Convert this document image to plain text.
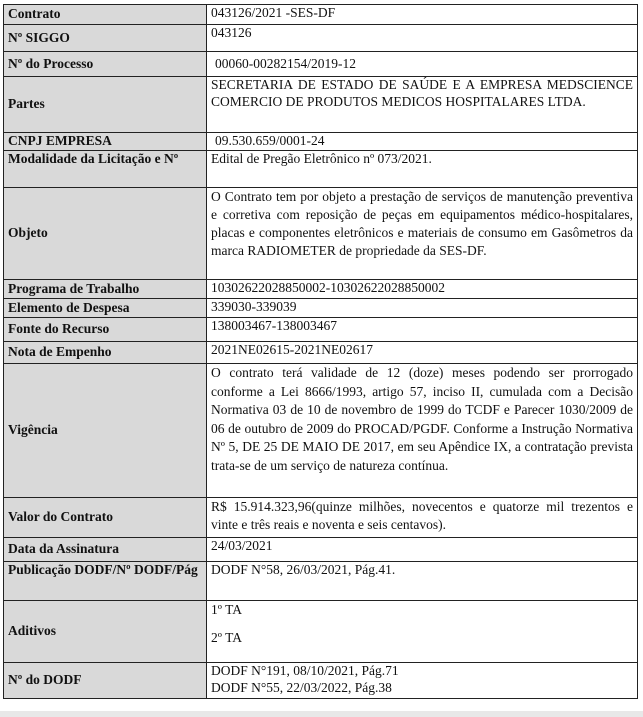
Contrato	043126/2021 -SES-DF
Nº SIGGO	043126
Nº do Processo	00060-00282154/2019-12
Partes	SECRETARIA DE ESTADO DE SAÚDE E A EMPRESA MEDSCIENCE COMERCIO DE PRODUTOS MEDICOS HOSPITALARES LTDA.
CNPJ EMPRESA	09.530.659/0001-24
Modalidade da Licitação e Nº	Edital de Pregão Eletrônico nº 073/2021.
Objeto	O Contrato tem por objeto a prestação de serviços de manutenção preventiva e corretiva com reposição de peças em equipamentos médico-hospitalares, placas e componentes eletrônicos e materiais de consumo em Gasômetros da marca RADIOMETER de propriedade da SES-DF.
Programa de Trabalho	10302622028850002-10302622028850002
Elemento de Despesa	339030-339039
Fonte do Recurso	138003467-138003467
Nota de Empenho	2021NE02615-2021NE02617
Vigência	O contrato terá validade de 12 (doze) meses podendo ser prorrogado conforme a Lei 8666/1993, artigo 57, inciso II, cumulada com a Decisão Normativa 03 de 10 de novembro de 1999 do TCDF e Parecer 1030/2009 de 06 de outubro de 2009 do PROCAD/PGDF. Conforme a Instrução Normativa Nº 5, DE 25 DE MAIO DE 2017, em seu Apêndice IX, a contratação prevista trata-se de um serviço de natureza contínua.
Valor do Contrato	R$ 15.914.323,96(quinze milhões, novecentos e quatorze mil trezentos e vinte e três reais e noventa e seis centavos).
Data da Assinatura	24/03/2021
Publicação DODF/Nº DODF/Pág	DODF N°58, 26/03/2021, Pág.41.
Aditivos	1º TA
2º TA

Nº do DODF	DODF N°191, 08/10/2021, Pág.71
DODF N°55, 22/03/2022, Pág.38
